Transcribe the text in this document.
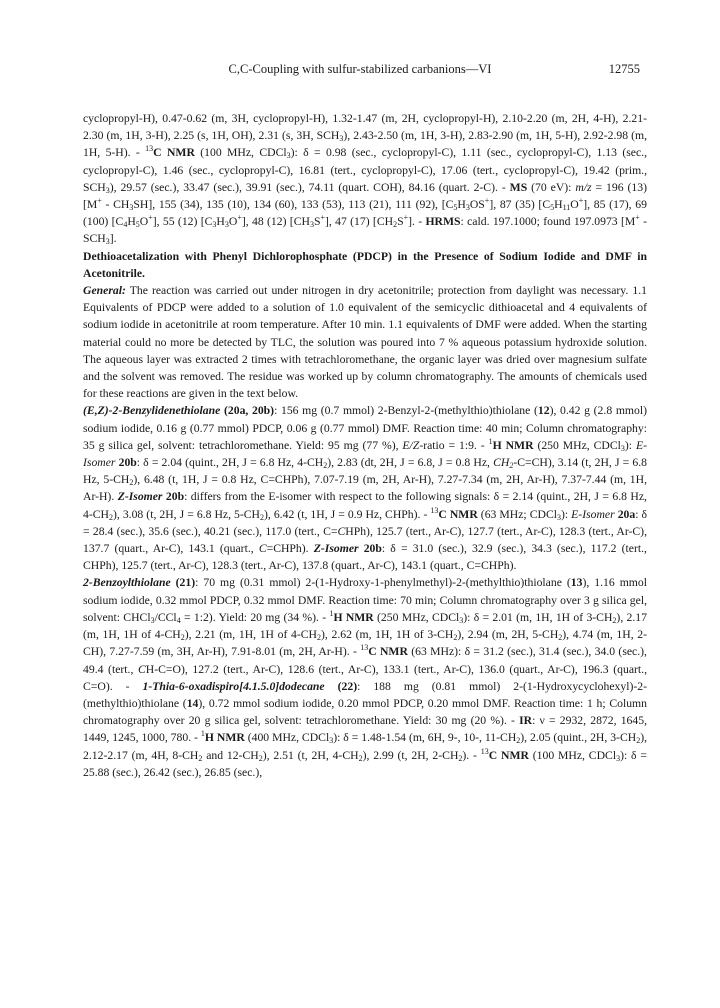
C,C-Coupling with sulfur-stabilized carbanions—VI	12755

cyclopropyl-H), 0.47-0.62 (m, 3H, cyclopropyl-H), 1.32-1.47 (m, 2H, cyclopropyl-H), 2.10-2.20 (m, 2H, 4-H), 2.21-2.30 (m, 1H, 3-H), 2.25 (s, 1H, OH), 2.31 (s, 3H, $SCH_3$), 2.43-2.50 (m, 1H, 3-H), 2.83-2.90 (m, 1H, 5-H), 2.92-2.98 (m, 1H, 5-H). - $^{13}$C NMR (100 MHz, CDCl$_3$): δ = 0.98 (sec., cyclopropyl-C), 1.11 (sec., cyclopropyl-C), 1.13 (sec., cyclopropyl-C), 1.46 (sec., cyclopropyl-C), 16.81 (tert., cyclopropyl-C), 17.06 (tert., cyclopropyl-C), 19.42 (prim., $SCH_3$), 29.57 (sec.), 33.47 (sec.), 39.91 (sec.), 74.11 (quart. COH), 84.16 (quart. 2-C). - MS (70 eV): m/z = 196 (13) $[M^+ - CH_3SH]$, 155 (34), 135 (10), 134 (60), 133 (53), 113 (21), 111 (92), $[C_5H_3OS^+]$, 87 (35) $[C_5H_{11}O^+]$, 85 (17), 69 (100) $[C_4H_5O^+]$, 55 (12) $[C_3H_3O^+]$, 48 (12) $[CH_3S^+]$, 47 (17) $[CH_2S^+]$. - HRMS: cald. 197.1000; found 197.0973 $[M^+ - SCH_3]$.

Dethioacetalization with Phenyl Dichlorophosphate (PDCP) in the Presence of Sodium Iodide and DMF in Acetonitrile.

General: The reaction was carried out under nitrogen in dry acetonitrile; protection from daylight was necessary. 1.1 Equivalents of PDCP were added to a solution of 1.0 equivalent of the semicyclic dithioacetal and 4 equivalents of sodium iodide in acetonitrile at room temperature. After 10 min. 1.1 equivalents of DMF were added. When the starting material could no more be detected by TLC, the solution was poured into 7 % aqueous potassium hydroxide solution. The aqueous layer was extracted 2 times with tetrachloromethane, the organic layer was dried over magnesium sulfate and the solvent was removed. The residue was worked up by column chromatography. The amounts of chemicals used for these reactions are given in the text below.

(E,Z)-2-Benzylidenethiolane (20a, 20b): 156 mg (0.7 mmol) 2-Benzyl-2-(methylthio)thiolane (12), 0.42 g (2.8 mmol) sodium iodide, 0.16 g (0.77 mmol) PDCP, 0.06 g (0.77 mmol) DMF. Reaction time: 40 min; Column chromatography: 35 g silica gel, solvent: tetrachloromethane. Yield: 95 mg (77 %), E/Z-ratio = 1:9. - $^1$H NMR (250 MHz, CDCl$_3$): E-Isomer 20b: δ = 2.04 (quint., 2H, J = 6.8 Hz, $4-CH_2$), 2.83 (dt, 2H, J = 6.8, J = 0.8 Hz, $CH_2-C=CH$), 3.14 (t, 2H, J = 6.8 Hz, $5-CH_2$), 6.48 (t, 1H, J = 0.8 Hz, C=CHPh), 7.07-7.19 (m, 2H, Ar-H), 7.27-7.34 (m, 2H, Ar-H), 7.37-7.44 (m, 1H, Ar-H). Z-Isomer 20b: differs from the E-isomer with respect to the following signals: δ = 2.14 (quint., 2H, J = 6.8 Hz, $4-CH_2$), 3.08 (t, 2H, J = 6.8 Hz, $5-CH_2$), 6.42 (t, 1H, J = 0.9 Hz, CHPh). - $^{13}$C NMR (63 MHz; CDCl$_3$): E-Isomer 20a: δ = 28.4 (sec.), 35.6 (sec.), 40.21 (sec.), 117.0 (tert., C=CHPh), 125.7 (tert., Ar-C), 127.7 (tert., Ar-C), 128.3 (tert., Ar-C), 137.7 (quart., Ar-C), 143.1 (quart., C=CHPh). Z-Isomer 20b: δ = 31.0 (sec.), 32.9 (sec.), 34.3 (sec.), 117.2 (tert., CHPh), 125.7 (tert., Ar-C), 128.3 (tert., Ar-C), 137.8 (quart., Ar-C), 143.1 (quart., C=CHPh).

2-Benzoylthiolane (21): 70 mg (0.31 mmol) 2-(1-Hydroxy-1-phenylmethyl)-2-(methylthio)thiolane (13), 1.16 mmol sodium iodide, 0.32 mmol PDCP, 0.32 mmol DMF. Reaction time: 70 min; Column chromatography over 3 g silica gel, solvent: CHCl$_3$/CCl$_4$ = 1:2). Yield: 20 mg (34 %). - $^1$H NMR (250 MHz, CDCl$_3$): δ = 2.01 (m, 1H, 1H of $3-CH_2$), 2.17 (m, 1H, 1H of $4-CH_2$), 2.21 (m, 1H, 1H of $4-CH_2$), 2.62 (m, 1H, 1H of $3-CH_2$), 2.94 (m, 2H, $5-CH_2$), 4.74 (m, 1H, 2-CH), 7.27-7.59 (m, 3H, Ar-H), 7.91-8.01 (m, 2H, Ar-H). - $^{13}$C NMR (63 MHz): δ = 31.2 (sec.), 31.4 (sec.), 34.0 (sec.), 49.4 (tert., CH-C=O), 127.2 (tert., Ar-C), 128.6 (tert., Ar-C), 133.1 (tert., Ar-C), 136.0 (quart., Ar-C), 196.3 (quart., C=O). - 1-Thia-6-oxadispiro[4.1.5.0]dodecane (22): 188 mg (0.81 mmol) 2-(1-Hydroxycyclohexyl)-2-(methylthio)thiolane (14), 0.72 mmol sodium iodide, 0.20 mmol PDCP, 0.20 mmol DMF. Reaction time: 1 h; Column chromatography over 20 g silica gel, solvent: tetrachloromethane. Yield: 30 mg (20 %). - IR: ν = 2932, 2872, 1645, 1449, 1245, 1000, 780. - $^1$H NMR (400 MHz, CDCl$_3$): δ = 1.48-1.54 (m, 6H, 9-, 10-, $11-CH_2$), 2.05 (quint., 2H, $3-CH_2$), 2.12-2.17 (m, 4H, $8-CH_2$ and $12-CH_2$), 2.51 (t, 2H, $4-CH_2$), 2.99 (t, 2H, $2-CH_2$). - $^{13}$C NMR (100 MHz, CDCl$_3$): δ = 25.88 (sec.), 26.42 (sec.), 26.85 (sec.),
